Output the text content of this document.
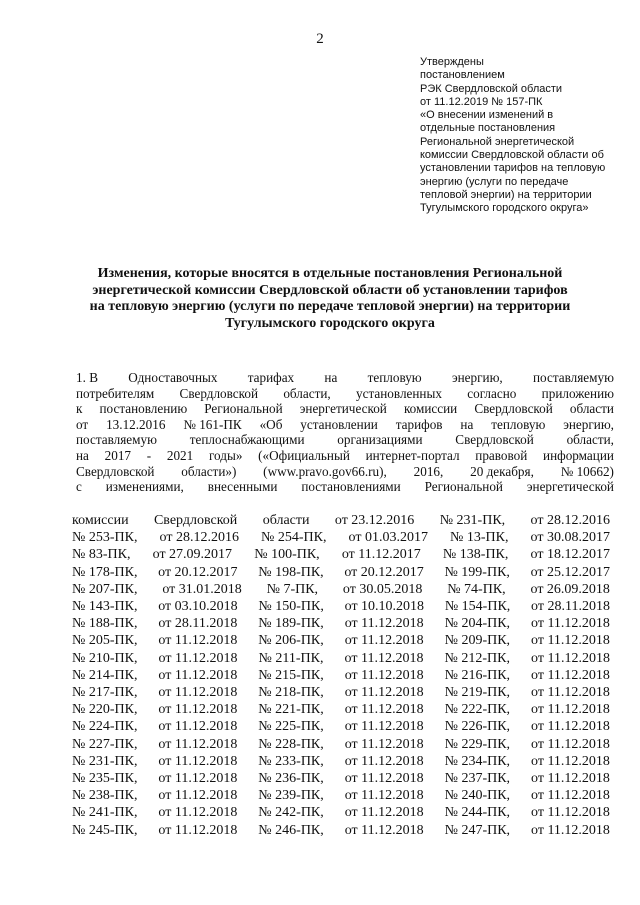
2
Утверждены
постановлением
РЭК Свердловской области
от 11.12.2019 № 157-ПК
«О внесении изменений в
отдельные постановления
Региональной энергетической
комиссии Свердловской области об
установлении тарифов на тепловую
энергию (услуги по передаче
тепловой энергии) на территории
Тугулымского городского округа»
Изменения, которые вносятся в отдельные постановления Региональной
энергетической комиссии Свердловской области об установлении тарифов
на тепловую энергию (услуги по передаче тепловой энергии) на территории
Тугулымского городского округа
1. В Одноставочных тарифах на тепловую энергию, поставляемую
потребителям Свердловской области, установленных согласно приложению
к постановлению Региональной энергетической комиссии Свердловской области
от 13.12.2016 № 161-ПК «Об установлении тарифов на тепловую энергию,
поставляемую теплоснабжающими организациями Свердловской области,
на 2017 - 2021 годы» («Официальный интернет-портал правовой информации
Свердловской области») (www.pravo.gov66.ru), 2016, 20 декабря, № 10662)
с изменениями, внесенными постановлениями Региональной энергетической
комиссии Свердловской области от 23.12.2016 № 231-ПК, от 28.12.2016
№ 253-ПК, от 28.12.2016 № 254-ПК, от 01.03.2017 № 13-ПК, от 30.08.2017
№ 83-ПК, от 27.09.2017 № 100-ПК, от 11.12.2017 № 138-ПК, от 18.12.2017
№ 178-ПК, от 20.12.2017 № 198-ПК, от 20.12.2017 № 199-ПК, от 25.12.2017
№ 207-ПК, от 31.01.2018 № 7-ПК, от 30.05.2018 № 74-ПК, от 26.09.2018
№ 143-ПК, от 03.10.2018 № 150-ПК, от 10.10.2018 № 154-ПК, от 28.11.2018
№ 188-ПК, от 28.11.2018 № 189-ПК, от 11.12.2018 № 204-ПК, от 11.12.2018
№ 205-ПК, от 11.12.2018 № 206-ПК, от 11.12.2018 № 209-ПК, от 11.12.2018
№ 210-ПК, от 11.12.2018 № 211-ПК, от 11.12.2018 № 212-ПК, от 11.12.2018
№ 214-ПК, от 11.12.2018 № 215-ПК, от 11.12.2018 № 216-ПК, от 11.12.2018
№ 217-ПК, от 11.12.2018 № 218-ПК, от 11.12.2018 № 219-ПК, от 11.12.2018
№ 220-ПК, от 11.12.2018 № 221-ПК, от 11.12.2018 № 222-ПК, от 11.12.2018
№ 224-ПК, от 11.12.2018 № 225-ПК, от 11.12.2018 № 226-ПК, от 11.12.2018
№ 227-ПК, от 11.12.2018 № 228-ПК, от 11.12.2018 № 229-ПК, от 11.12.2018
№ 231-ПК, от 11.12.2018 № 233-ПК, от 11.12.2018 № 234-ПК, от 11.12.2018
№ 235-ПК, от 11.12.2018 № 236-ПК, от 11.12.2018 № 237-ПК, от 11.12.2018
№ 238-ПК, от 11.12.2018 № 239-ПК, от 11.12.2018 № 240-ПК, от 11.12.2018
№ 241-ПК, от 11.12.2018 № 242-ПК, от 11.12.2018 № 244-ПК, от 11.12.2018
№ 245-ПК, от 11.12.2018 № 246-ПК, от 11.12.2018 № 247-ПК, от 11.12.2018
